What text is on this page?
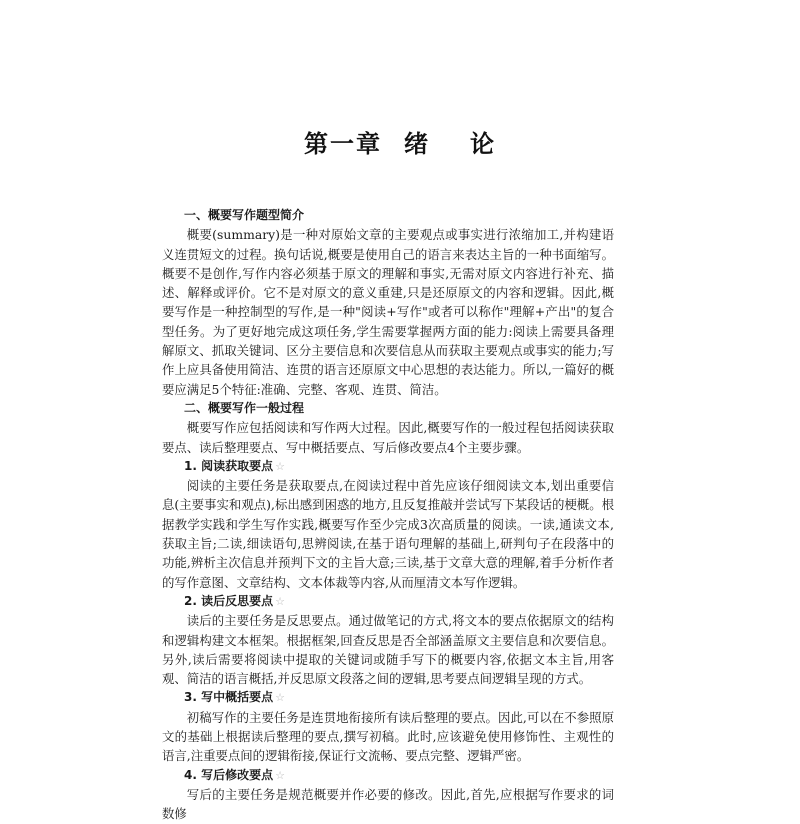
第一章 绪 论

一、概要写作题型简介

概要(summary)是一种对原始文章的主要观点或事实进行浓缩加工,并构建语义连贯短文的过程。换句话说,概要是使用自己的语言来表达主旨的一种书面缩写。概要不是创作,写作内容必须基于原文的理解和事实,无需对原文内容进行补充、描述、解释或评价。它不是对原文的意义重建,只是还原原文的内容和逻辑。因此,概要写作是一种控制型的写作,是一种"阅读+写作"或者可以称作"理解+产出"的复合型任务。为了更好地完成这项任务,学生需要掌握两方面的能力:阅读上需要具备理解原文、抓取关键词、区分主要信息和次要信息从而获取主要观点或事实的能力;写作上应具备使用简洁、连贯的语言还原原文中心思想的表达能力。所以,一篇好的概要应满足5个特征:准确、完整、客观、连贯、简洁。

二、概要写作一般过程

概要写作应包括阅读和写作两大过程。因此,概要写作的一般过程包括阅读获取要点、读后整理要点、写中概括要点、写后修改要点4个主要步骤。

1. 阅读获取要点 ☆

阅读的主要任务是获取要点,在阅读过程中首先应该仔细阅读文本,划出重要信息(主要事实和观点),标出感到困惑的地方,且反复推敲并尝试写下某段话的梗概。根据教学实践和学生写作实践,概要写作至少完成3次高质量的阅读。一读,通读文本,获取主旨;二读,细读语句,思辨阅读,在基于语句理解的基础上,研判句子在段落中的功能,辨析主次信息并预判下文的主旨大意;三读,基于文章大意的理解,着手分析作者的写作意图、文章结构、文本体裁等内容,从而厘清文本写作逻辑。

2. 读后反思要点 ☆

读后的主要任务是反思要点。通过做笔记的方式,将文本的要点依据原文的结构和逻辑构建文本框架。根据框架,回查反思是否全部涵盖原文主要信息和次要信息。另外,读后需要将阅读中提取的关键词或随手写下的概要内容,依据文本主旨,用客观、简洁的语言概括,并反思原文段落之间的逻辑,思考要点间逻辑呈现的方式。

3. 写中概括要点 ☆

初稿写作的主要任务是连贯地衔接所有读后整理的要点。因此,可以在不参照原文的基础上根据读后整理的要点,撰写初稿。此时,应该避免使用修饰性、主观性的语言,注重要点间的逻辑衔接,保证行文流畅、要点完整、逻辑严密。

4. 写后修改要点 ☆

写后的主要任务是规范概要并作必要的修改。因此,首先,应根据写作要求的词数修
